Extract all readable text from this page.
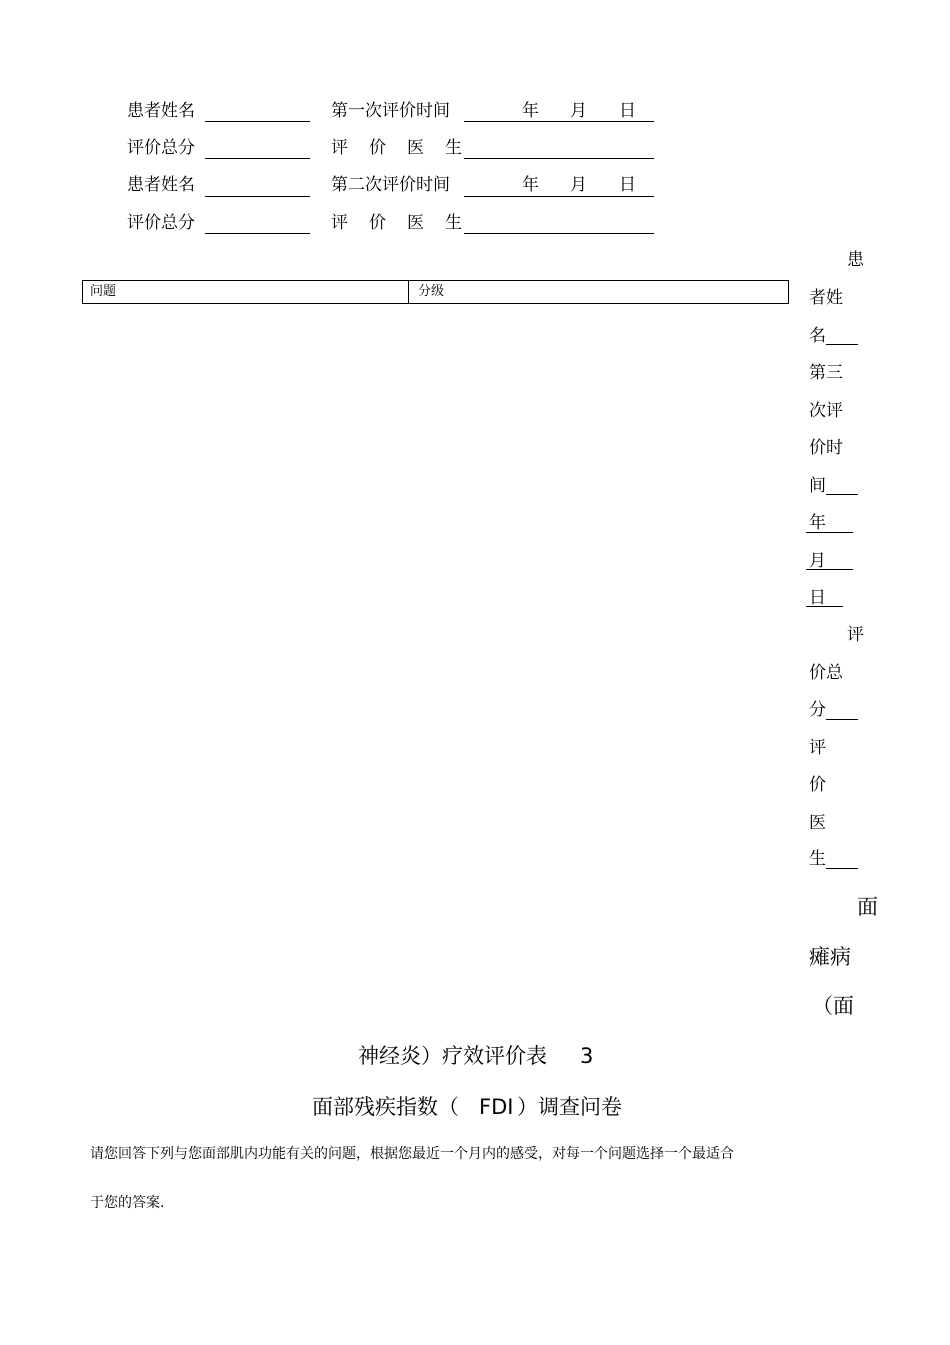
患者姓名	第一次评价时间	年 月 日
评价总分	评 价 医 生
患者姓名	第二次评价时间	年 月 日
评价总分	评 价 医 生
问题	分级
患
者姓
名
第三
次评
价时
间
年
月
日
评
价总
分
评
价
医
生
面
瘫病
（面
神经炎）疗效评价表 3
面部残疾指数（ FDI ）调查问卷
请您回答下列与您面部肌内功能有关的问题，根据您最近一个月内的感受，对每一个问题选择一个最适合
于您的答案.
